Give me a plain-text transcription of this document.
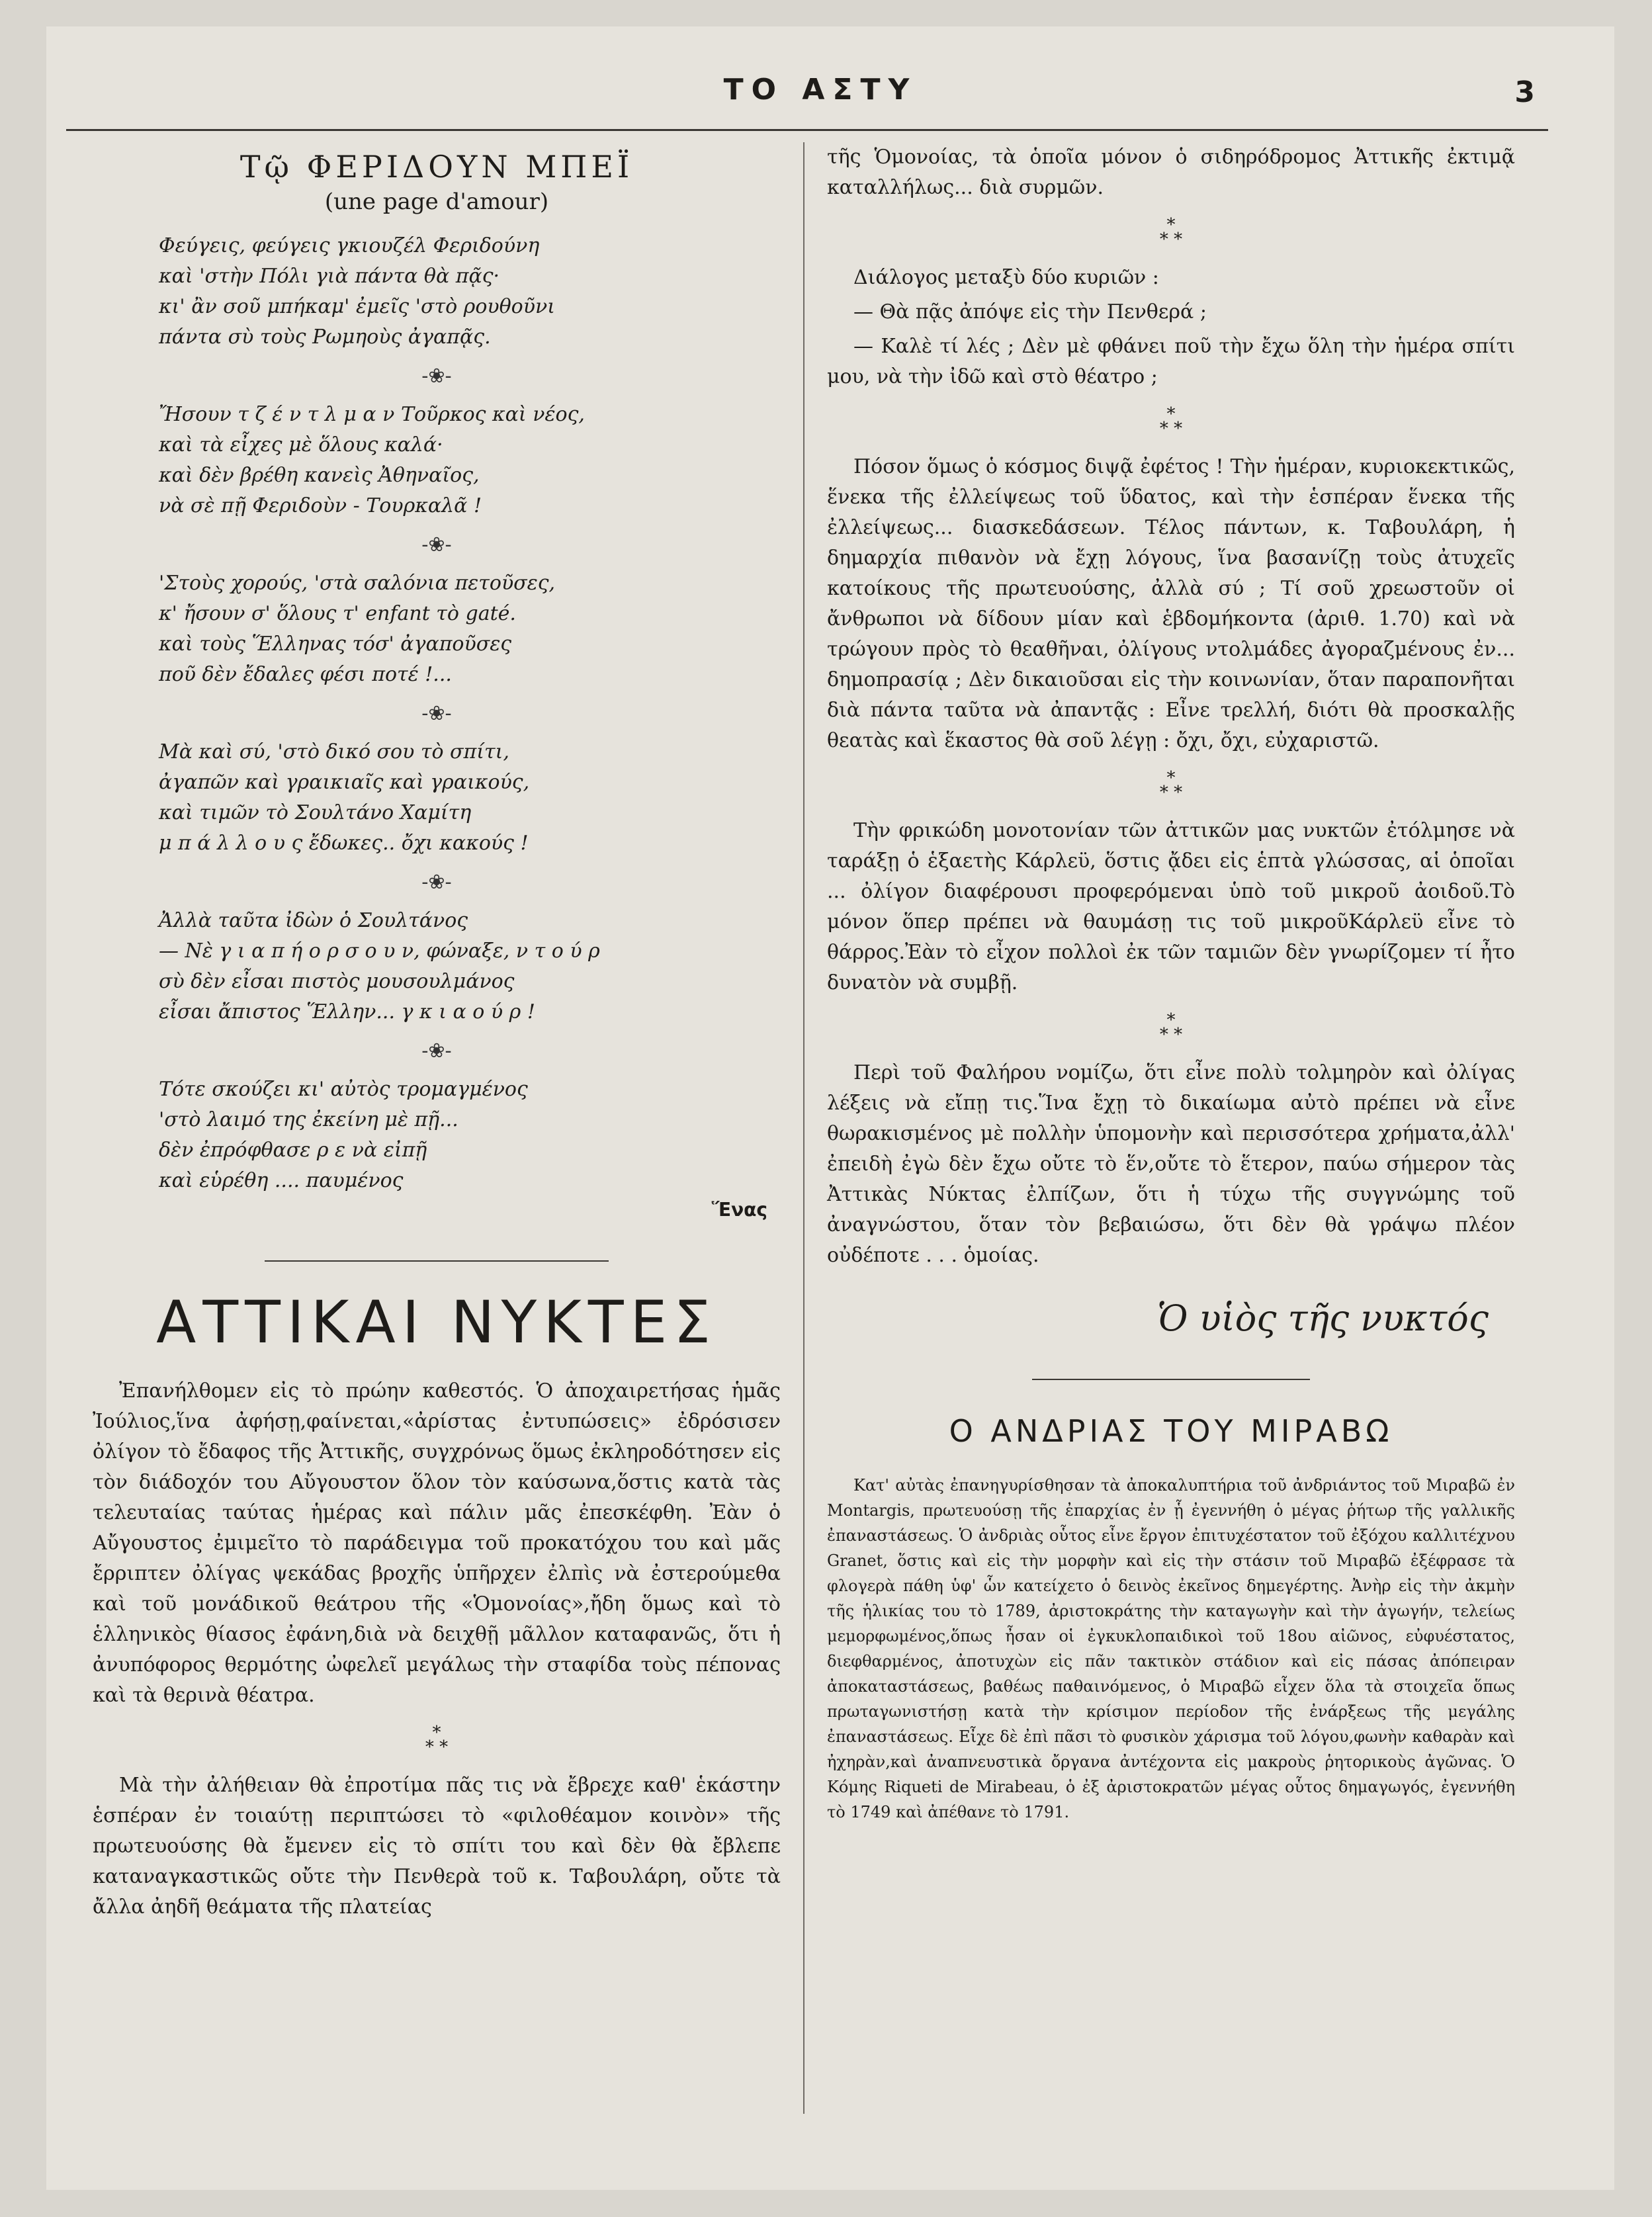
ΤΟ ΑΣΤΥ	3
Τῷ ΦΕΡΙΔΟΥΝ ΜΠΕΪ
(une page d'amour)
Φεύγεις, φεύγεις γκιουζέλ Φεριδούνη
καὶ 'στὴν Πόλι γιὰ πάντα θὰ πᾷς·
κι' ἂν σοῦ μπήκαμ' ἐμεῖς 'στὸ ρουθοῦνι
πάντα σὺ τοὺς Ρωμηοὺς ἀγαπᾷς.
-❀-
Ἤσουν τ ζ έ ν τ λ μ α ν Τοῦρκος καὶ νέος,
καὶ τὰ εἶχες μὲ ὅλους καλά·
καὶ δὲν βρέθη κανεὶς Ἀθηναῖος,
νὰ σὲ πῇ Φεριδοὺν - Τουρκαλᾶ !
-❀-
'Στοὺς χορούς, 'στὰ σαλόνια πετοῦσες,
κ' ἤσουν σ' ὅλους τ' enfant τὸ gaté.
καὶ τοὺς Ἕλληνας τόσ' ἀγαποῦσες
ποῦ δὲν ἔδαλες φέσι ποτέ !...
-❀-
Μὰ καὶ σύ, 'στὸ δικό σου τὸ σπίτι,
ἀγαπῶν καὶ γραικιαῖς καὶ γραικούς,
καὶ τιμῶν τὸ Σουλτάνο Χαμίτη
μ π ά λ λ ο υ ς ἔδωκες.. ὄχι κακούς !
-❀-
Ἀλλὰ ταῦτα ἰδὼν ὁ Σουλτάνος
— Νὲ γ ι α π ή ο ρ σ ο υ ν, φώναξε, ν τ ο ύ ρ
σὺ δὲν εἶσαι πιστὸς μουσουλμάνος
εἶσαι ἄπιστος Ἕλλην... γ κ ι α ο ύ ρ !
-❀-
Τότε σκούζει κι' αὐτὸς τρομαγμένος
'στὸ λαιμό της ἐκείνη μὲ πῇ...
δὲν ἐπρόφθασε ρ ε νὰ εἰπῇ
καὶ εὑρέθη .... παυμένος
Ἕνας
ΑΤΤΙΚΑΙ ΝΥΚΤΕΣ

Ἐπανήλθομεν εἰς τὸ πρώην καθεστός. Ὁ ἀποχαιρετήσας ἡμᾶς Ἰούλιος,ἵνα ἀφήσῃ,φαίνεται,«ἀρίστας ἐντυπώσεις» ἐδρόσισεν ὀλίγον τὸ ἔδαφος τῆς Ἀττικῆς, συγχρόνως ὅμως ἐκληροδότησεν εἰς τὸν διάδοχόν του Αὔγουστον ὅλον τὸν καύσωνα,ὅστις κατὰ τὰς τελευταίας ταύτας ἡμέρας καὶ πάλιν μᾶς ἐπεσκέφθη. Ἐὰν ὁ Αὔγουστος ἐμιμεῖτο τὸ παράδειγμα τοῦ προκατόχου του καὶ μᾶς ἔρριπτεν ὀλίγας ψεκάδας βροχῆς ὑπῆρχεν ἐλπὶς νὰ ἐστερούμεθα καὶ τοῦ μονάδικοῦ θεάτρου τῆς «Ὁμονοίας»,ἤδη ὅμως καὶ τὸ ἑλληνικὸς θίασος ἐφάνη,διὰ νὰ δειχθῇ μᾶλλον καταφανῶς, ὅτι ἡ ἀνυπόφορος θερμότης ὠφελεῖ μεγάλως τὴν σταφίδα τοὺς πέπονας καὶ τὰ θερινὰ θέατρα.

*
* *

Μὰ τὴν ἀλήθειαν θὰ ἐπροτίμα πᾶς τις νὰ ἔβρεχε καθ' ἑκάστην ἑσπέραν ἐν τοιαύτῃ περιπτώσει τὸ «φιλοθέαμον κοινὸν» τῆς πρωτευούσης θὰ ἔμενεν εἰς τὸ σπίτι του καὶ δὲν θὰ ἔβλεπε καταναγκαστικῶς οὔτε τὴν Πενθερὰ τοῦ κ. Ταβουλάρη, οὔτε τὰ ἄλλα ἀηδῆ θεάματα τῆς πλατείας

τῆς Ὁμονοίας, τὰ ὁποῖα μόνον ὁ σιδηρόδρομος Ἀττικῆς ἐκτιμᾷ καταλλήλως... διὰ συρμῶν.

*
* *

Διάλογος μεταξὺ δύο κυριῶν :

— Θὰ πᾷς ἀπόψε εἰς τὴν Πενθερά ;

— Καλὲ τί λές ; Δὲν μὲ φθάνει ποῦ τὴν ἔχω ὅλη τὴν ἡμέρα σπίτι μου, νὰ τὴν ἰδῶ καὶ στὸ θέατρο ;

*
* *

Πόσον ὅμως ὁ κόσμος διψᾷ ἐφέτος ! Τὴν ἡμέραν, κυριοκεκτικῶς, ἕνεκα τῆς ἐλλείψεως τοῦ ὕδατος, καὶ τὴν ἑσπέραν ἕνεκα τῆς ἐλλείψεως... διασκεδάσεων. Τέλος πάντων, κ. Ταβουλάρη, ἡ δημαρχία πιθανὸν νὰ ἔχῃ λόγους, ἵνα βασανίζῃ τοὺς ἀτυχεῖς κατοίκους τῆς πρωτευούσης, ἀλλὰ σύ ; Τί σοῦ χρεωστοῦν οἱ ἄνθρωποι νὰ δίδουν μίαν καὶ ἑβδομήκοντα (ἀριθ. 1.70) καὶ νὰ τρώγουν πρὸς τὸ θεαθῆναι, ὀλίγους ντολμάδες ἀγοραζμένους ἐν... δημοπρασίᾳ ; Δὲν δικαιοῦσαι εἰς τὴν κοινωνίαν, ὅταν παραπονῆται διὰ πάντα ταῦτα νὰ ἀπαντᾷς : Εἶνε τρελλή, διότι θὰ προσκαλῇς θεατὰς καὶ ἕκαστος θὰ σοῦ λέγῃ : ὄχι, ὄχι, εὐχαριστῶ.

*
* *

Τὴν φρικώδη μονοτονίαν τῶν ἀττικῶν μας νυκτῶν ἐτόλμησε νὰ ταράξῃ ὁ ἑξαετὴς Κάρλεϋ, ὅστις ᾄδει εἰς ἑπτὰ γλώσσας, αἱ ὁποῖαι ... ὀλίγον διαφέρουσι προφερόμεναι ὑπὸ τοῦ μικροῦ ἀοιδοῦ.Τὸ μόνον ὅπερ πρέπει νὰ θαυμάσῃ τις τοῦ μικροῦΚάρλεϋ εἶνε τὸ θάρρος.Ἐὰν τὸ εἶχον πολλοὶ ἐκ τῶν ταμιῶν δὲν γνωρίζομεν τί ἦτο δυνατὸν νὰ συμβῇ.

*
* *

Περὶ τοῦ Φαλήρου νομίζω, ὅτι εἶνε πολὺ τολμηρὸν καὶ ὀλίγας λέξεις νὰ εἴπῃ τις.Ἵνα ἔχῃ τὸ δικαίωμα αὐτὸ πρέπει νὰ εἶνε θωρακισμένος μὲ πολλὴν ὑπομονὴν καὶ περισσότερα χρήματα,ἀλλ' ἐπειδὴ ἐγὼ δὲν ἔχω οὔτε τὸ ἕν,οὔτε τὸ ἕτερον, παύω σήμερον τὰς Ἀττικὰς Νύκτας ἐλπίζων, ὅτι ἡ τύχω τῆς συγγνώμης τοῦ ἀναγνώστου, ὅταν τὸν βεβαιώσω, ὅτι δὲν θὰ γράψω πλέον οὐδέποτε . . . ὁμοίας.

Ὁ υἱὸς τῆς νυκτός
Ο ΑΝΔΡΙΑΣ ΤΟΥ ΜΙΡΑΒΩ

Κατ' αὐτὰς ἐπανηγυρίσθησαν τὰ ἀποκαλυπτήρια τοῦ ἀνδριάντος τοῦ Μιραβῶ ἐν Montargis, πρωτευούσῃ τῆς ἐπαρχίας ἐν ᾗ ἐγεννήθη ὁ μέγας ῥήτωρ τῆς γαλλικῆς ἐπαναστάσεως. Ὁ ἀνδριὰς οὗτος εἶνε ἔργον ἐπιτυχέστατον τοῦ ἐξόχου καλλιτέχνου Granet, ὅστις καὶ εἰς τὴν μορφὴν καὶ εἰς τὴν στάσιν τοῦ Μιραβῶ ἐξέφρασε τὰ φλογερὰ πάθη ὑφ' ὧν κατείχετο ὁ δεινὸς ἐκεῖνος δημεγέρτης. Ἀνὴρ εἰς τὴν ἀκμὴν τῆς ἡλικίας του τὸ 1789, ἀριστοκράτης τὴν καταγωγὴν καὶ τὴν ἀγωγήν, τελείως μεμορφωμένος,ὅπως ἦσαν οἱ ἐγκυκλοπαιδικοὶ τοῦ 18ου αἰῶνος, εὐφυέστατος, διεφθαρμένος, ἀποτυχὼν εἰς πᾶν τακτικὸν στάδιον καὶ εἰς πάσας ἀπόπειραν ἀποκαταστάσεως, βαθέως παθαινόμενος, ὁ Μιραβῶ εἶχεν ὅλα τὰ στοιχεῖα ὅπως πρωταγωνιστήσῃ κατὰ τὴν κρίσιμον περίοδον τῆς ἐνάρξεως τῆς μεγάλης ἐπαναστάσεως. Εἶχε δὲ ἐπὶ πᾶσι τὸ φυσικὸν χάρισμα τοῦ λόγου,φωνὴν καθαρὰν καὶ ἠχηρὰν,καὶ ἀναπνευστικὰ ὄργανα ἀντέχοντα εἰς μακροὺς ῥητορικοὺς ἀγῶνας. Ὁ Κόμης Riqueti de Mirabeau, ὁ ἐξ ἀριστοκρατῶν μέγας οὗτος δημαγωγός, ἐγεννήθη τὸ 1749 καὶ ἀπέθανε τὸ 1791.
